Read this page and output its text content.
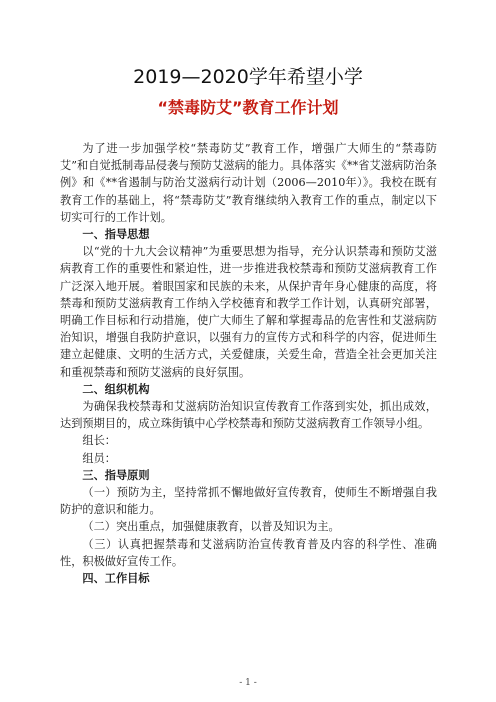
2019—2020学年希望小学
“禁毒防艾”教育工作计划

为了进一步加强学校“禁毒防艾”教育工作，增强广大师生的“禁毒防艾”和自觉抵制毒品侵袭与预防艾滋病的能力。具体落实《**省艾滋病防治条例》和《**省遏制与防治艾滋病行动计划（2006—2010年）》。我校在既有教育工作的基础上，将“禁毒防艾”教育继续纳入教育工作的重点，制定以下切实可行的工作计划。

一、指导思想

以“党的十九大会议精神”为重要思想为指导，充分认识禁毒和预防艾滋病教育工作的重要性和紧迫性，进一步推进我校禁毒和预防艾滋病教育工作广泛深入地开展。着眼国家和民族的未来，从保护青年身心健康的高度，将禁毒和预防艾滋病教育工作纳入学校德育和教学工作计划，认真研究部署，明确工作目标和行动措施，使广大师生了解和掌握毒品的危害性和艾滋病防治知识，增强自我防护意识，以强有力的宣传方式和科学的内容，促进师生建立起健康、文明的生活方式，关爱健康，关爱生命，营造全社会更加关注和重视禁毒和预防艾滋病的良好氛围。

二、组织机构

为确保我校禁毒和艾滋病防治知识宣传教育工作落到实处，抓出成效，达到预期目的，成立珠街镇中心学校禁毒和预防艾滋病教育工作领导小组。

组长：

组员：

三、指导原则

（一）预防为主，坚持常抓不懈地做好宣传教育，使师生不断增强自我防护的意识和能力。

（二）突出重点，加强健康教育，以普及知识为主。

（三）认真把握禁毒和艾滋病防治宣传教育普及内容的科学性、准确性，积极做好宣传工作。

四、工作目标
- 1 -
